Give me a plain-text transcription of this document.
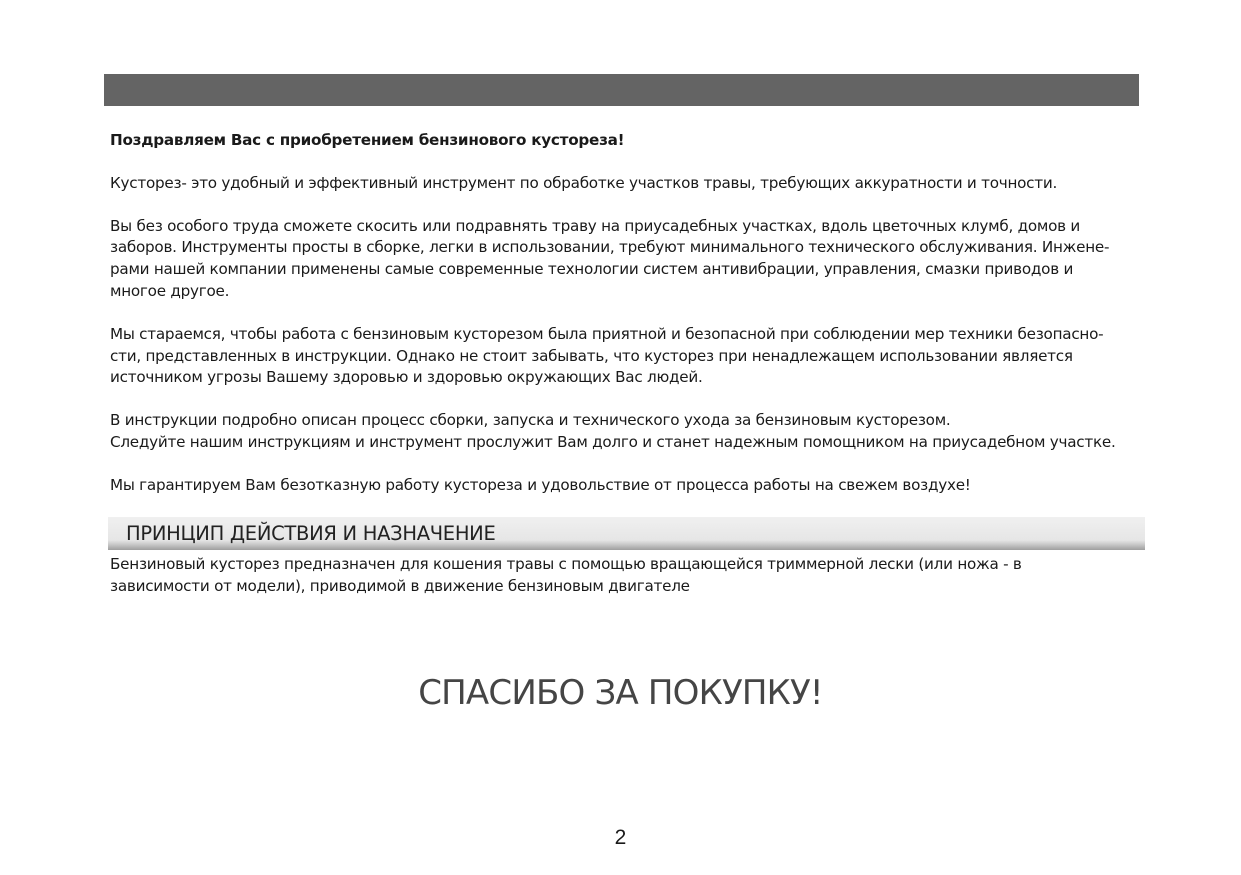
Поздравляем Вас с приобретением бензинового кустореза!

Кусторез- это удобный и эффективный инструмент по обработке участков травы, требующих аккуратности и точности.

Вы без особого труда сможете скосить или подравнять траву на приусадебных участках, вдоль цветочных клумб, домов и
заборов. Инструменты просты в сборке, легки в использовании, требуют минимального технического обслуживания. Инжене-
рами нашей компании применены самые современные технологии систем антивибрации, управления, смазки приводов и
многое другое.

Мы стараемся, чтобы работа с бензиновым кусторезом была приятной и безопасной при соблюдении мер техники безопасно-
сти, представленных в инструкции. Однако не стоит забывать, что кусторез при ненадлежащем использовании является
источником угрозы Вашему здоровью и здоровью окружающих Вас людей.

В инструкции подробно описан процесс сборки, запуска и технического ухода за бензиновым кусторезом.
Следуйте нашим инструкциям и инструмент прослужит Вам долго и станет надежным помощником на приусадебном участке.

Мы гарантируем Вам безотказную работу кустореза и удовольствие от процесса работы на свежем воздухе!

ПРИНЦИП ДЕЙСТВИЯ И НАЗНАЧЕНИЕ

Бензиновый кусторез предназначен для кошения травы с помощью вращающейся триммерной лески (или ножа - в
зависимости от модели), приводимой в движение бензиновым двигателе

СПАСИБО ЗА ПОКУПКУ!
2
